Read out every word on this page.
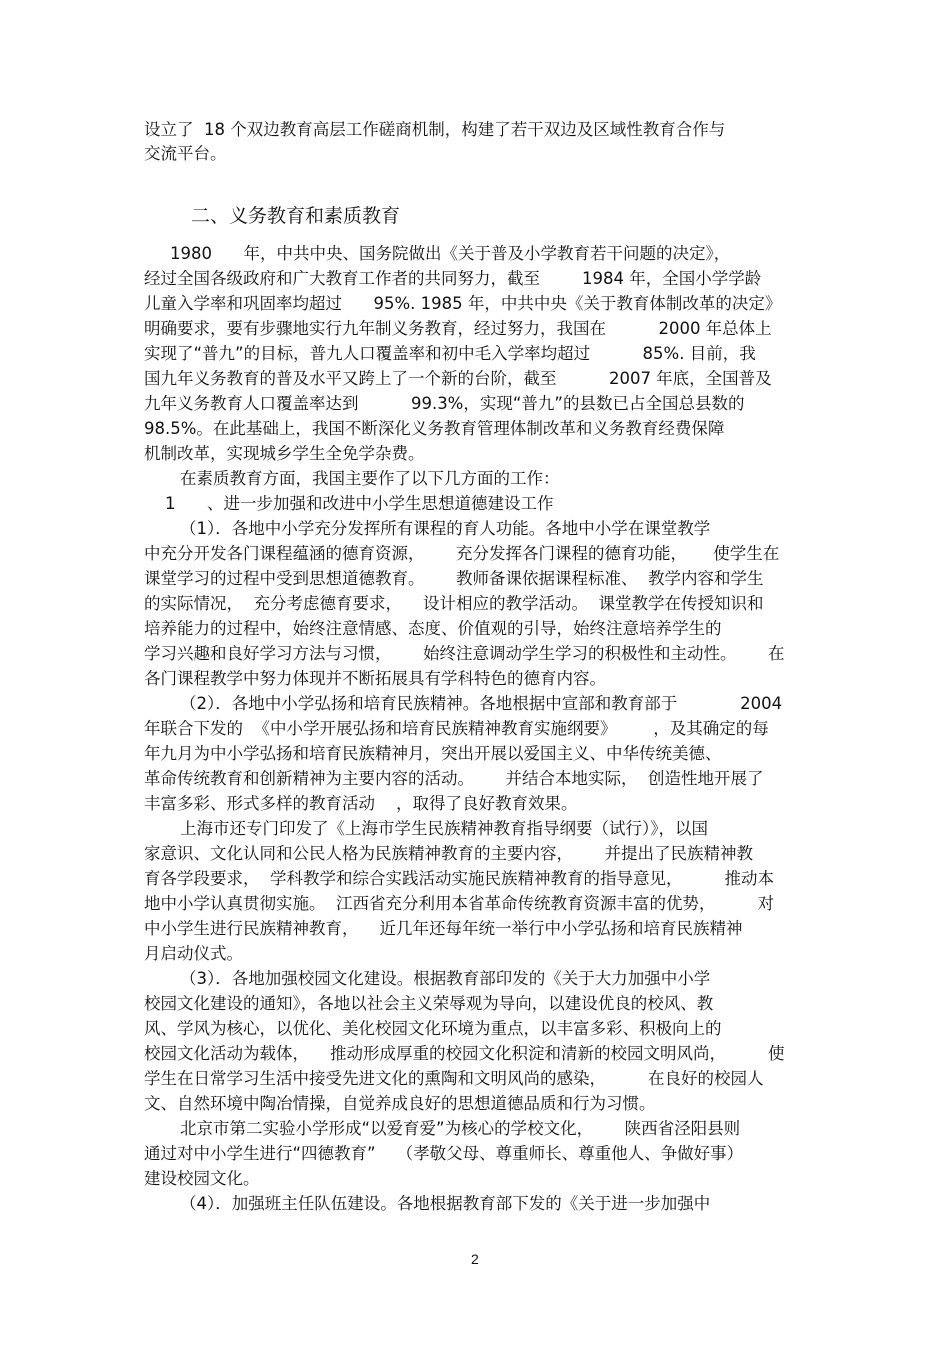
设立了  18 个双边教育高层工作磋商机制，构建了若干双边及区域性教育合作与
交流平台。
二、义务教育和素质教育
1980      年，中共中央、国务院做出《关于普及小学教育若干问题的决定》，
经过全国各级政府和广大教育工作者的共同努力，截至        1984 年，全国小学学龄
儿童入学率和巩固率均超过      95%. 1985 年，中共中央《关于教育体制改革的决定》
明确要求，要有步骤地实行九年制义务教育，经过努力，我国在          2000 年总体上
实现了“普九”的目标，普九人口覆盖率和初中毛入学率均超过          85%. 目前，我
国九年义务教育的普及水平又跨上了一个新的台阶，截至          2007 年底，全国普及
九年义务教育人口覆盖率达到          99.3%，实现“普九”的县数已占全国总县数的
98.5%。在此基础上，我国不断深化义务教育管理体制改革和义务教育经费保障
机制改革，实现城乡学生全免学杂费。
在素质教育方面，我国主要作了以下几方面的工作：
1      、进一步加强和改进中小学生思想道德建设工作
（1）．各地中小学充分发挥所有课程的育人功能。各地中小学在课堂教学
中充分开发各门课程蕴涵的德育资源，      充分发挥各门课程的德育功能，     使学生在
课堂学习的过程中受到思想道德教育。      教师备课依据课程标准、  教学内容和学生
的实际情况，  充分考虑德育要求，    设计相应的教学活动。  课堂教学在传授知识和
培养能力的过程中，始终注意情感、态度、价值观的引导，始终注意培养学生的
学习兴趣和良好学习方法与习惯，      始终注意调动学生学习的积极性和主动性。      在
各门课程教学中努力体现并不断拓展具有学科特色的德育内容。
（2）．各地中小学弘扬和培育民族精神。各地根据中宣部和教育部于            2004
年联合下发的  《中小学开展弘扬和培育民族精神教育实施纲要》       ，及其确定的每
年九月为中小学弘扬和培育民族精神月，突出开展以爱国主义、中华传统美德、
革命传统教育和创新精神为主要内容的活动。      并结合本地实际，  创造性地开展了
丰富多彩、形式多样的教育活动    ，取得了良好教育效果。
上海市还专门印发了《上海市学生民族精神教育指导纲要（试行）》，以国
家意识、文化认同和公民人格为民族精神教育的主要内容，      并提出了民族精神教
育各学段要求，  学科教学和综合实践活动实施民族精神教育的指导意见，        推动本
地中小学认真贯彻实施。  江西省充分利用本省革命传统教育资源丰富的优势，        对
中小学生进行民族精神教育，    近几年还每年统一举行中小学弘扬和培育民族精神
月启动仪式。
（3）．各地加强校园文化建设。根据教育部印发的《关于大力加强中小学
校园文化建设的通知》，各地以社会主义荣辱观为导向，以建设优良的校风、教
风、学风为核心，以优化、美化校园文化环境为重点，以丰富多彩、积极向上的
校园文化活动为载体，    推动形成厚重的校园文化积淀和清新的校园文明风尚，        使
学生在日常学习生活中接受先进文化的熏陶和文明风尚的感染，        在良好的校园人
文、自然环境中陶冶情操，自觉养成良好的思想道德品质和行为习惯。
北京市第二实验小学形成“以爱育爱”为核心的学校文化，      陕西省泾阳县则
通过对中小学生进行“四德教育”    （孝敬父母、尊重师长、尊重他人、争做好事）
建设校园文化。
（4）．加强班主任队伍建设。各地根据教育部下发的《关于进一步加强中
2
